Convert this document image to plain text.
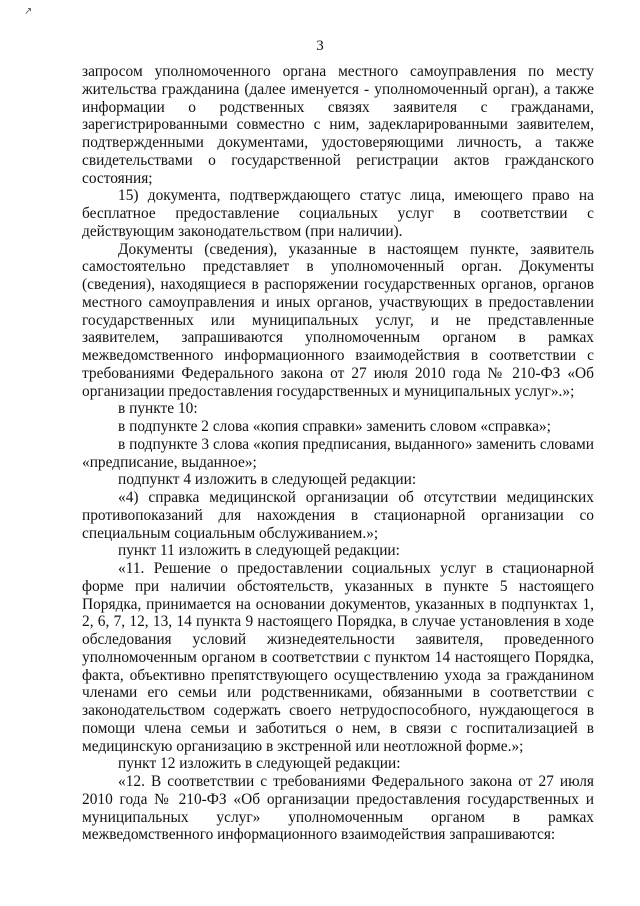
↗
3

запросом уполномоченного органа местного самоуправления по месту жительства гражданина (далее именуется - уполномоченный орган), а также информации о родственных связях заявителя с гражданами, зарегистрированными совместно с ним, задекларированными заявителем, подтвержденными документами, удостоверяющими личность, а также свидетельствами о государственной регистрации актов гражданского состояния;

15) документа, подтверждающего статус лица, имеющего право на бесплатное предоставление социальных услуг в соответствии с действующим законодательством (при наличии).

Документы (сведения), указанные в настоящем пункте, заявитель самостоятельно представляет в уполномоченный орган. Документы (сведения), находящиеся в распоряжении государственных органов, органов местного самоуправления и иных органов, участвующих в предоставлении государственных или муниципальных услуг, и не представленные заявителем, запрашиваются уполномоченным органом в рамках межведомственного информационного взаимодействия в соответствии с требованиями Федерального закона от 27 июля 2010 года № 210-ФЗ «Об организации предоставления государственных и муниципальных услуг».»;

в пункте 10:

в подпункте 2 слова «копия справки» заменить словом «справка»;

в подпункте 3 слова «копия предписания, выданного» заменить словами «предписание, выданное»;

подпункт 4 изложить в следующей редакции:

«4) справка медицинской организации об отсутствии медицинских противопоказаний для нахождения в стационарной организации со специальным социальным обслуживанием.»;

пункт 11 изложить в следующей редакции:

«11. Решение о предоставлении социальных услуг в стационарной форме при наличии обстоятельств, указанных в пункте 5 настоящего Порядка, принимается на основании документов, указанных в подпунктах 1, 2, 6, 7, 12, 13, 14 пункта 9 настоящего Порядка, в случае установления в ходе обследования условий жизнедеятельности заявителя, проведенного уполномоченным органом в соответствии с пунктом 14 настоящего Порядка, факта, объективно препятствующего осуществлению ухода за гражданином членами его семьи или родственниками, обязанными в соответствии с законодательством содержать своего нетрудоспособного, нуждающегося в помощи члена семьи и заботиться о нем, в связи с госпитализацией в медицинскую организацию в экстренной или неотложной форме.»;

пункт 12 изложить в следующей редакции:

«12. В соответствии с требованиями Федерального закона от 27 июля 2010 года № 210-ФЗ «Об организации предоставления государственных и муниципальных услуг» уполномоченным органом в рамках межведомственного информационного взаимодействия запрашиваются:
